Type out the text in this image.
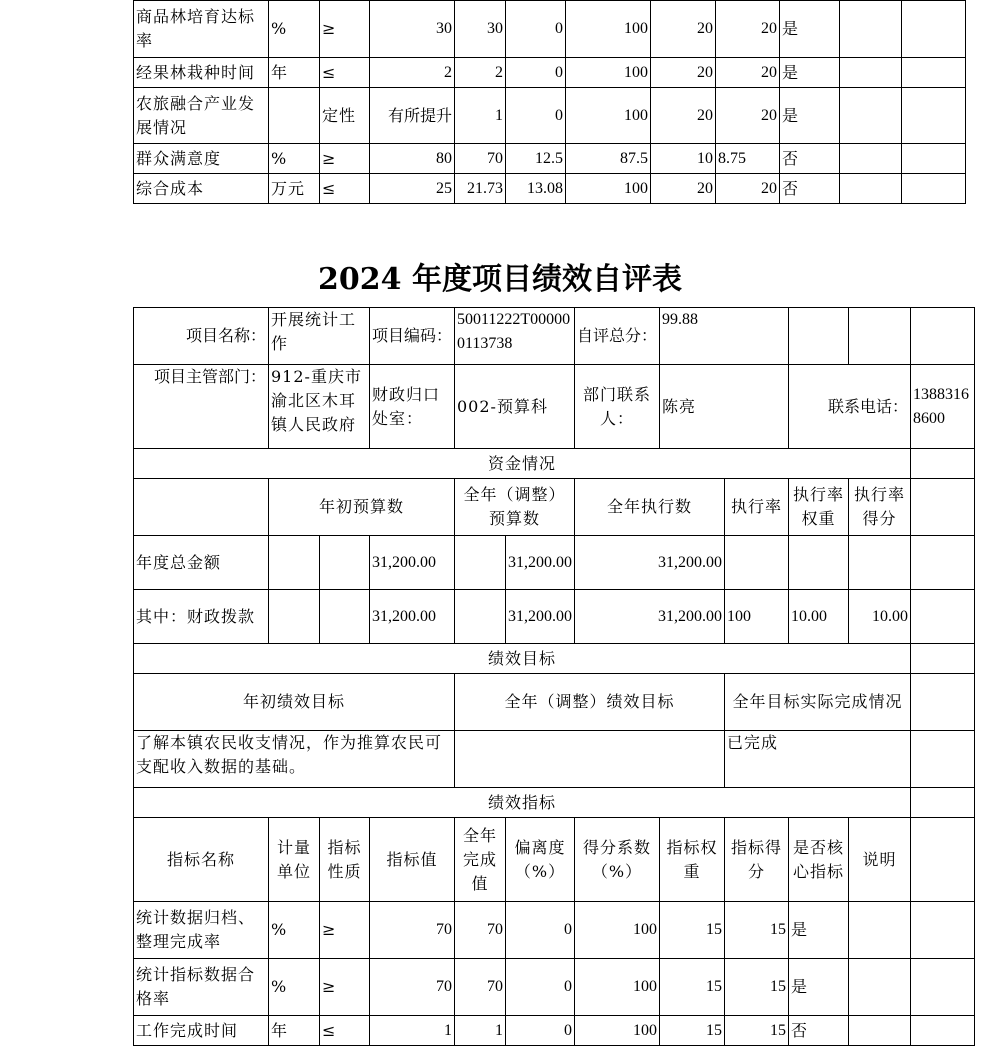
商品林培育达标率	%	≥	30	30	0	100	20	20	是		
经果林栽种时间	年	≤	2	2	0	100	20	20	是		
农旅融合产业发展情况		定性	有所提升	1	0	100	20	20	是		
群众满意度	%	≥	80	70	12.5	87.5	10	8.75	否		
综合成本	万元	≤	25	21.73	13.08	100	20	20	否		
2024 年度项目绩效自评表
项目名称：	开展统计工作		项目编码：	50011222T000000113738		自评总分：	99.88				
项目主管部门：	912-重庆市渝北区木耳镇人民政府		财政归口处室：	002-预算科		部门联系人：	陈亮		联系电话：		13883168600
资金情况											
	年初预算数			全年（调整）预算数		全年执行数		执行率	执行率权重	执行率得分	
年度总金额			31,200.00		31,200.00	31,200.00					
其中：财政拨款			31,200.00		31,200.00	31,200.00		100	10.00	10.00	
绩效目标											
年初绩效目标				全年（调整）绩效目标				全年目标实际完成情况			
了解本镇农民收支情况，作为推算农民可支配收入数据的基础。								已完成			
绩效指标											
指标名称	计量单位	指标性质	指标值	全年完成值	偏离度（%）	得分系数（%）	指标权重	指标得分	是否核心指标	说明	
统计数据归档、整理完成率	%	≥	70	70	0	100	15	15	是		
统计指标数据合格率	%	≥	70	70	0	100	15	15	是		
工作完成时间	年	≤	1	1	0	100	15	15	否		
